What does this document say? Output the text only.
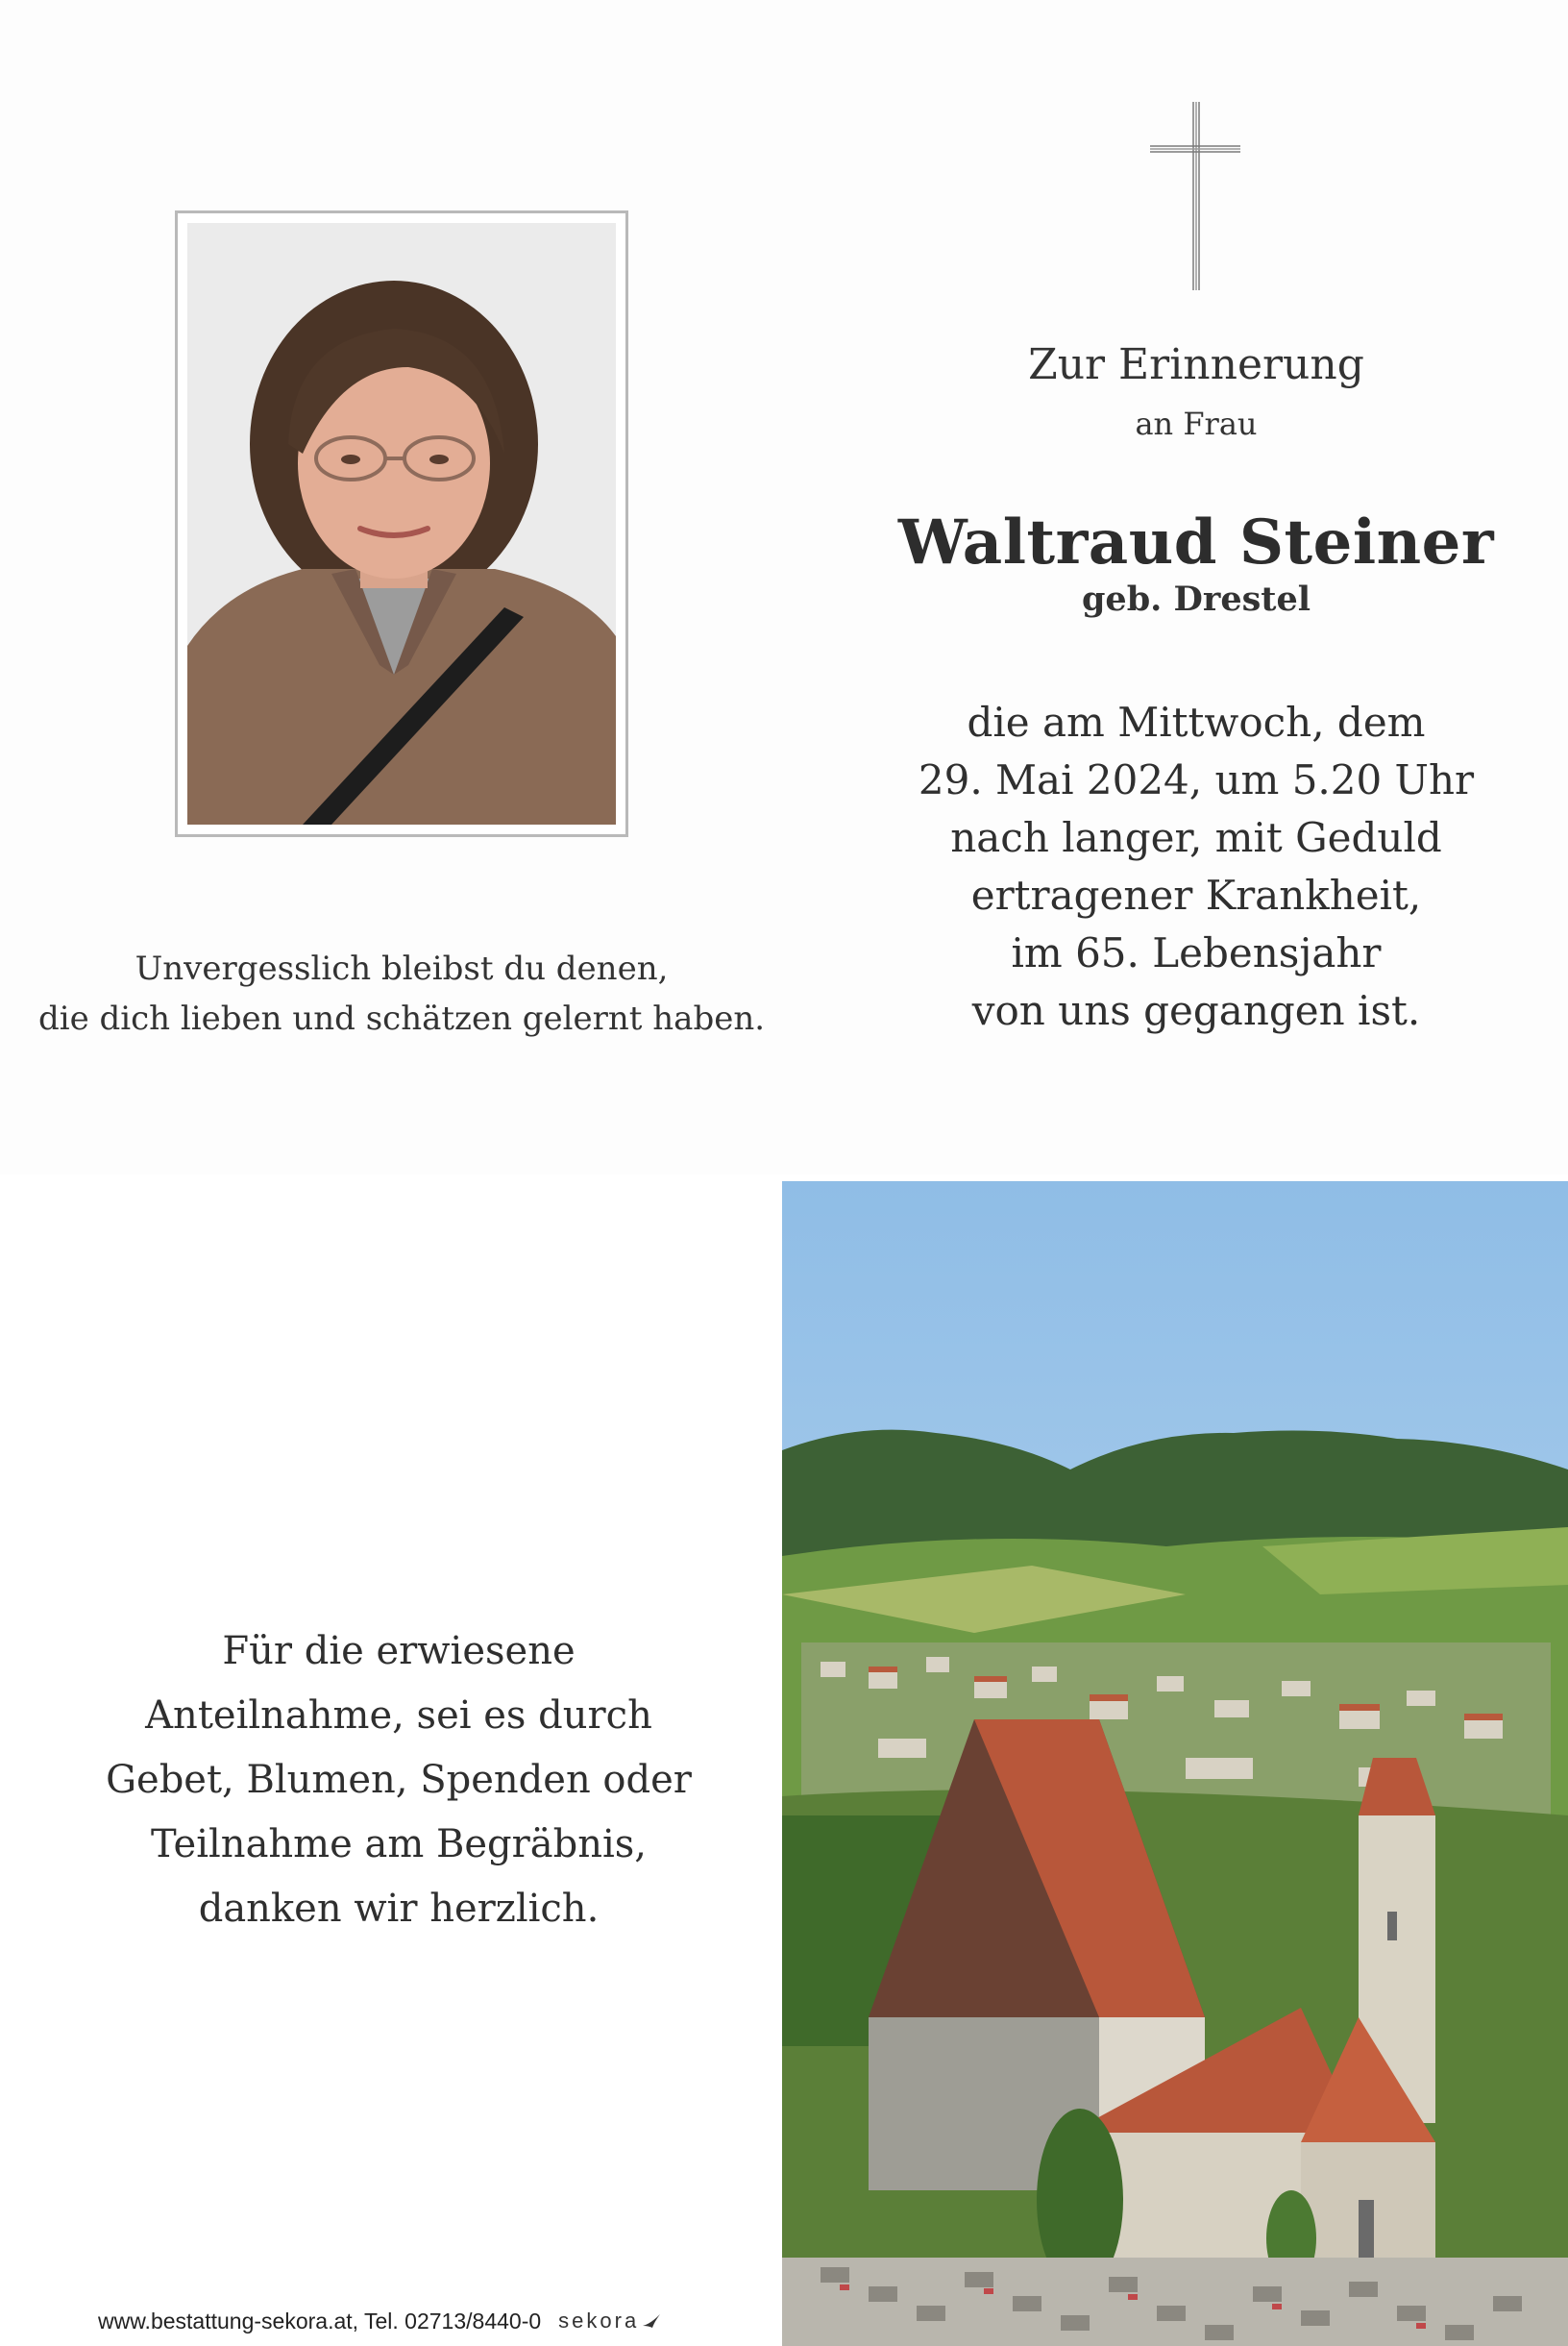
Unvergesslich bleibst du denen,
die dich lieben und schätzen gelernt haben.
Zur Erinnerung
an Frau
Waltraud Steiner
geb. Drestel
die am Mittwoch, dem
29. Mai 2024, um 5.20 Uhr
nach langer, mit Geduld
ertragener Krankheit,
im 65. Lebensjahr
von uns gegangen ist.
Für die erwiesene
Anteilnahme, sei es durch
Gebet, Blumen, Spenden oder
Teilnahme am Begräbnis,
danken wir herzlich.
www.bestattung-sekora.at, Tel. 02713/8440-0 sekora
